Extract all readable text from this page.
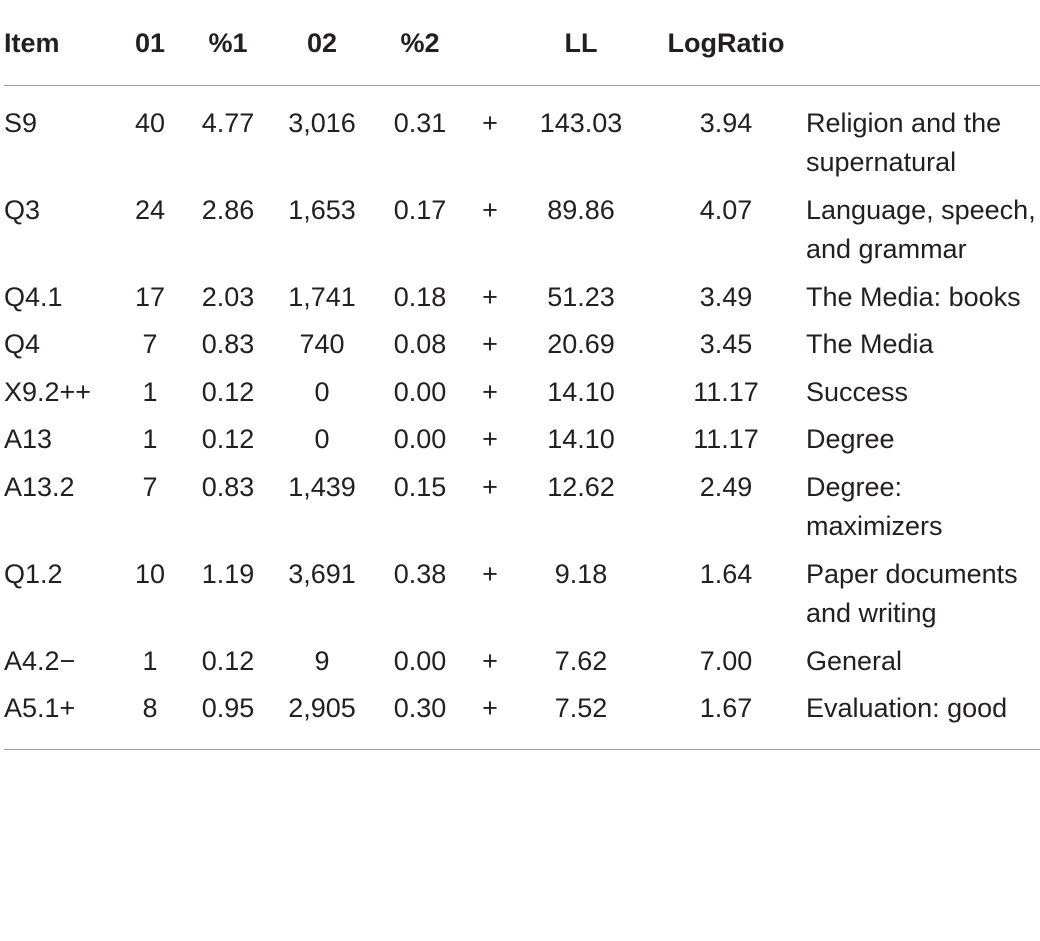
Item	01	%1	02	%2		LL	LogRatio	
S9	40	4.77	3,016	0.31	+	143.03	3.94	Religion and the supernatural
Q3	24	2.86	1,653	0.17	+	89.86	4.07	Language, speech, and grammar
Q4.1	17	2.03	1,741	0.18	+	51.23	3.49	The Media: books
Q4	7	0.83	740	0.08	+	20.69	3.45	The Media
X9.2++	1	0.12	0	0.00	+	14.10	11.17	Success
A13	1	0.12	0	0.00	+	14.10	11.17	Degree
A13.2	7	0.83	1,439	0.15	+	12.62	2.49	Degree: maximizers
Q1.2	10	1.19	3,691	0.38	+	9.18	1.64	Paper documents and writing
A4.2−	1	0.12	9	0.00	+	7.62	7.00	General
A5.1+	8	0.95	2,905	0.30	+	7.52	1.67	Evaluation: good
